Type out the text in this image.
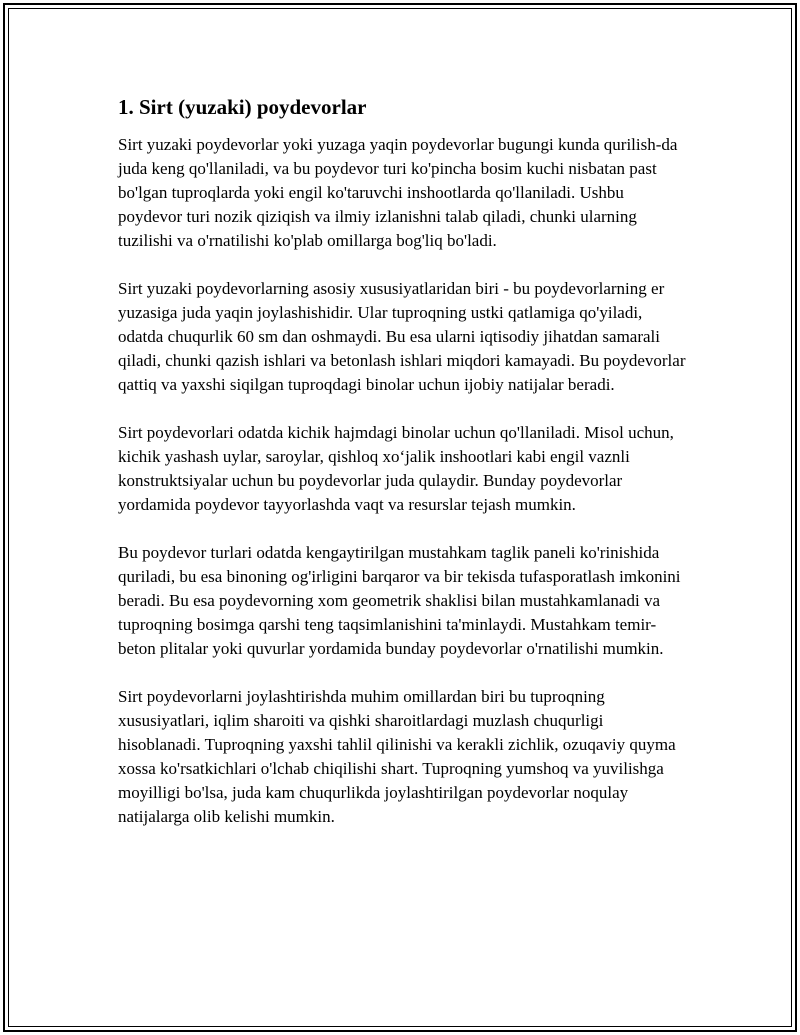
1. Sirt (yuzaki) poydevorlar

Sirt yuzaki poydevorlar yoki yuzaga yaqin poydevorlar bugungi kunda qurilish-da juda keng qo'llaniladi, va bu poydevor turi ko'pincha bosim kuchi nisbatan past bo'lgan tuproqlarda yoki engil ko'taruvchi inshootlarda qo'llaniladi. Ushbu poydevor turi nozik qiziqish va ilmiy izlanishni talab qiladi, chunki ularning tuzilishi va o'rnatilishi ko'plab omillarga bog'liq bo'ladi.

Sirt yuzaki poydevorlarning asosiy xususiyatlaridan biri - bu poydevorlarning er yuzasiga juda yaqin joylashishidir. Ular tuproqning ustki qatlamiga qo'yiladi, odatda chuqurlik 60 sm dan oshmaydi. Bu esa ularni iqtisodiy jihatdan samarali qiladi, chunki qazish ishlari va betonlash ishlari miqdori kamayadi. Bu poydevorlar qattiq va yaxshi siqilgan tuproqdagi binolar uchun ijobiy natijalar beradi.

Sirt poydevorlari odatda kichik hajmdagi binolar uchun qo'llaniladi. Misol uchun, kichik yashash uylar, saroylar, qishloq xo‘jalik inshootlari kabi engil vaznli konstruktsiyalar uchun bu poydevorlar juda qulaydir. Bunday poydevorlar yordamida poydevor tayyorlashda vaqt va resurslar tejash mumkin.

Bu poydevor turlari odatda kengaytirilgan mustahkam taglik paneli ko'rinishida quriladi, bu esa binoning og'irligini barqaror va bir tekisda tufasporatlash imkonini beradi. Bu esa poydevorning xom geometrik shaklisi bilan mustahkamlanadi va tuproqning bosimga qarshi teng taqsimlanishini ta'minlaydi. Mustahkam temir-beton plitalar yoki quvurlar yordamida bunday poydevorlar o'rnatilishi mumkin.

Sirt poydevorlarni joylashtirishda muhim omillardan biri bu tuproqning xususiyatlari, iqlim sharoiti va qishki sharoitlardagi muzlash chuqurligi hisoblanadi. Tuproqning yaxshi tahlil qilinishi va kerakli zichlik, ozuqaviy quyma xossa ko'rsatkichlari o'lchab chiqilishi shart. Tuproqning yumshoq va yuvilishga moyilligi bo'lsa, juda kam chuqurlikda joylashtirilgan poydevorlar noqulay natijalarga olib kelishi mumkin.
